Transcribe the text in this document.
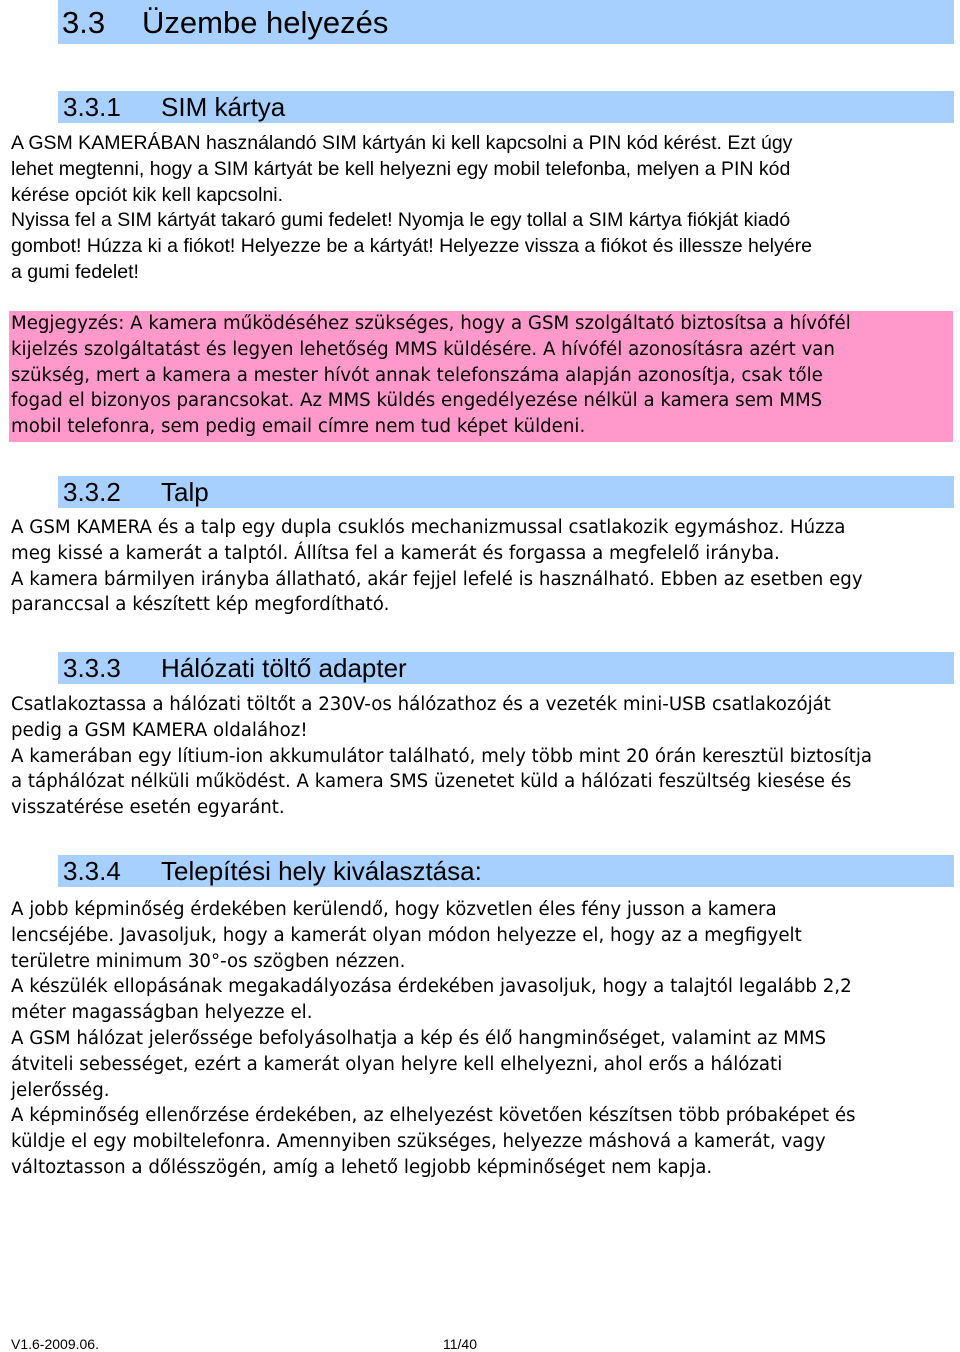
3.3	Üzembe helyezés
3.3.1	SIM kártya
A GSM KAMERÁBAN használandó SIM kártyán ki kell kapcsolni a PIN kód kérést. Ezt úgy
lehet megtenni, hogy a SIM kártyát be kell helyezni egy mobil telefonba, melyen a PIN kód
kérése opciót kik kell kapcsolni.
Nyissa fel a SIM kártyát takaró gumi fedelet! Nyomja le egy tollal a SIM kártya fiókját kiadó
gombot! Húzza ki a fiókot! Helyezze be a kártyát! Helyezze vissza a fiókot és illessze helyére
a gumi fedelet!
Megjegyzés: A kamera működéséhez szükséges, hogy a GSM szolgáltató biztosítsa a hívófél
kijelzés szolgáltatást és legyen lehetőség MMS küldésére. A hívófél azonosításra azért van
szükség, mert a kamera a mester hívót annak telefonszáma alapján azonosítja, csak tőle
fogad el bizonyos parancsokat. Az MMS küldés engedélyezése nélkül a kamera sem MMS
mobil telefonra, sem pedig email címre nem tud képet küldeni.
3.3.2	Talp
A GSM KAMERA és a talp egy dupla csuklós mechanizmussal csatlakozik egymáshoz. Húzza
meg kissé a kamerát a talptól. Állítsa fel a kamerát és forgassa a megfelelő irányba.
A kamera bármilyen irányba állatható, akár fejjel lefelé is használható. Ebben az esetben egy
paranccsal a készített kép megfordítható.
3.3.3	Hálózati töltő adapter
Csatlakoztassa a hálózati töltőt a 230V-os hálózathoz és a vezeték mini-USB csatlakozóját
pedig a GSM KAMERA oldalához!
A kamerában egy lítium-ion akkumulátor található, mely több mint 20 órán keresztül biztosítja
a táphálózat nélküli működést. A kamera SMS üzenetet küld a hálózati feszültség kiesése és
visszatérése esetén egyaránt.
3.3.4	Telepítési hely kiválasztása:
A jobb képminőség érdekében kerülendő, hogy közvetlen éles fény jusson a kamera
lencséjébe. Javasoljuk, hogy a kamerát olyan módon helyezze el, hogy az a megfigyelt
területre minimum 30°-os szögben nézzen.
A készülék ellopásának megakadályozása érdekében javasoljuk, hogy a talajtól legalább 2,2
méter magasságban helyezze el.
A GSM hálózat jelerőssége befolyásolhatja a kép és élő hangminőséget, valamint az MMS
átviteli sebességet, ezért a kamerát olyan helyre kell elhelyezni, ahol erős a hálózati
jelerősség.
A képminőség ellenőrzése érdekében, az elhelyezést követően készítsen több próbaképet és
küldje el egy mobiltelefonra. Amennyiben szükséges, helyezze máshová a kamerát, vagy
változtasson a dőlésszögén, amíg a lehető legjobb képminőséget nem kapja.
V1.6-2009.06.	11/40
